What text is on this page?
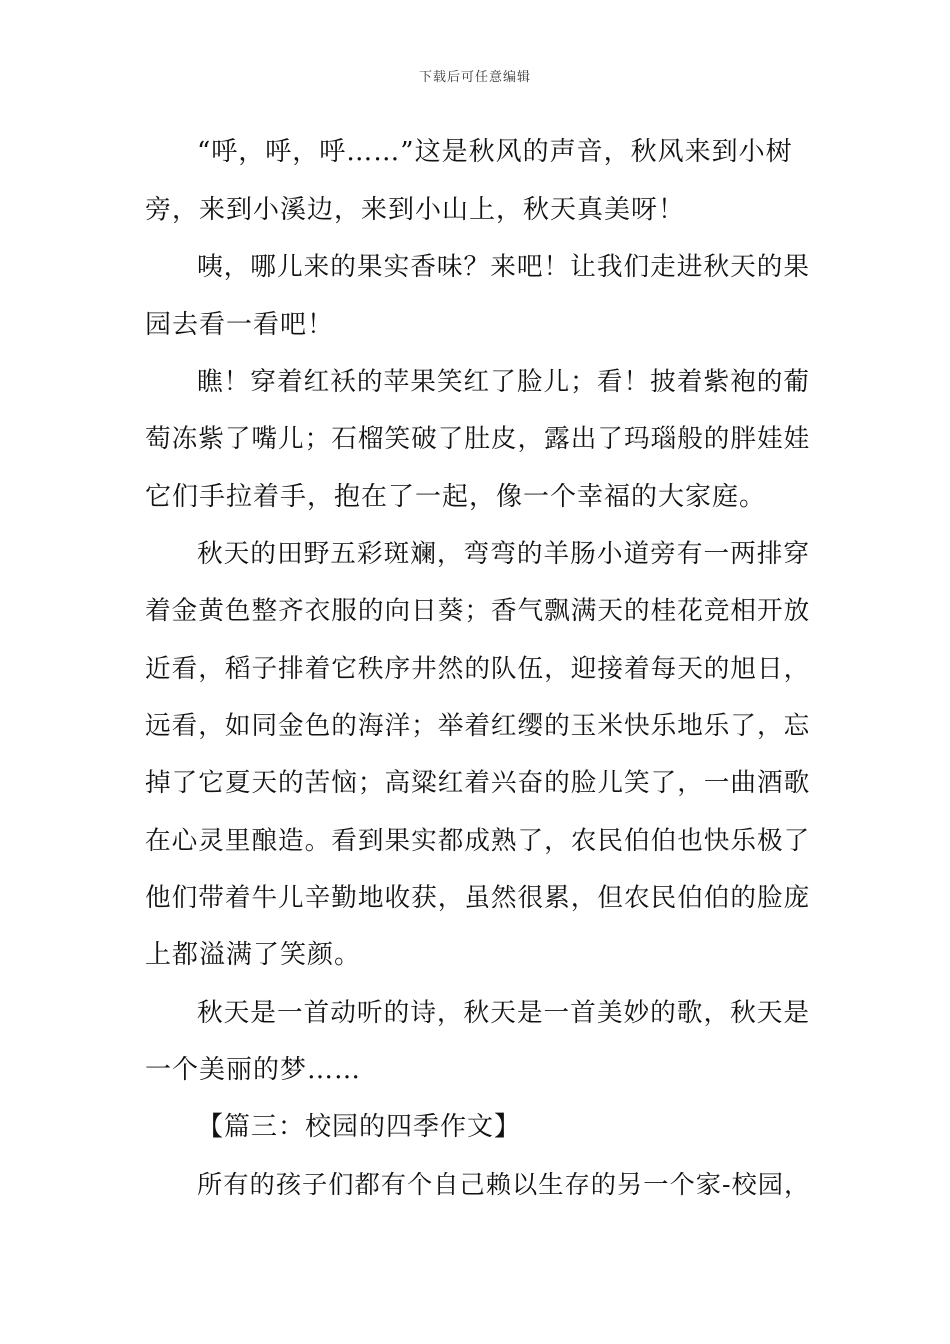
下载后可任意编辑
“呼，呼，呼……”这是秋风的声音，秋风来到小树
旁，来到小溪边，来到小山上，秋天真美呀！
咦，哪儿来的果实香味？来吧！让我们走进秋天的果
园去看一看吧！
瞧！穿着红袄的苹果笑红了脸儿；看！披着紫袍的葡
萄冻紫了嘴儿；石榴笑破了肚皮，露出了玛瑙般的胖娃娃
它们手拉着手，抱在了一起，像一个幸福的大家庭。
秋天的田野五彩斑斓，弯弯的羊肠小道旁有一两排穿
着金黄色整齐衣服的向日葵；香气飘满天的桂花竞相开放
近看，稻子排着它秩序井然的队伍，迎接着每天的旭日，
远看，如同金色的海洋；举着红缨的玉米快乐地乐了，忘
掉了它夏天的苦恼；高粱红着兴奋的脸儿笑了，一曲酒歌
在心灵里酿造。看到果实都成熟了，农民伯伯也快乐极了
他们带着牛儿辛勤地收获，虽然很累，但农民伯伯的脸庞
上都溢满了笑颜。
秋天是一首动听的诗，秋天是一首美妙的歌，秋天是
一个美丽的梦……
【篇三：校园的四季作文】
所有的孩子们都有个自己赖以生存的另一个家-校园，
